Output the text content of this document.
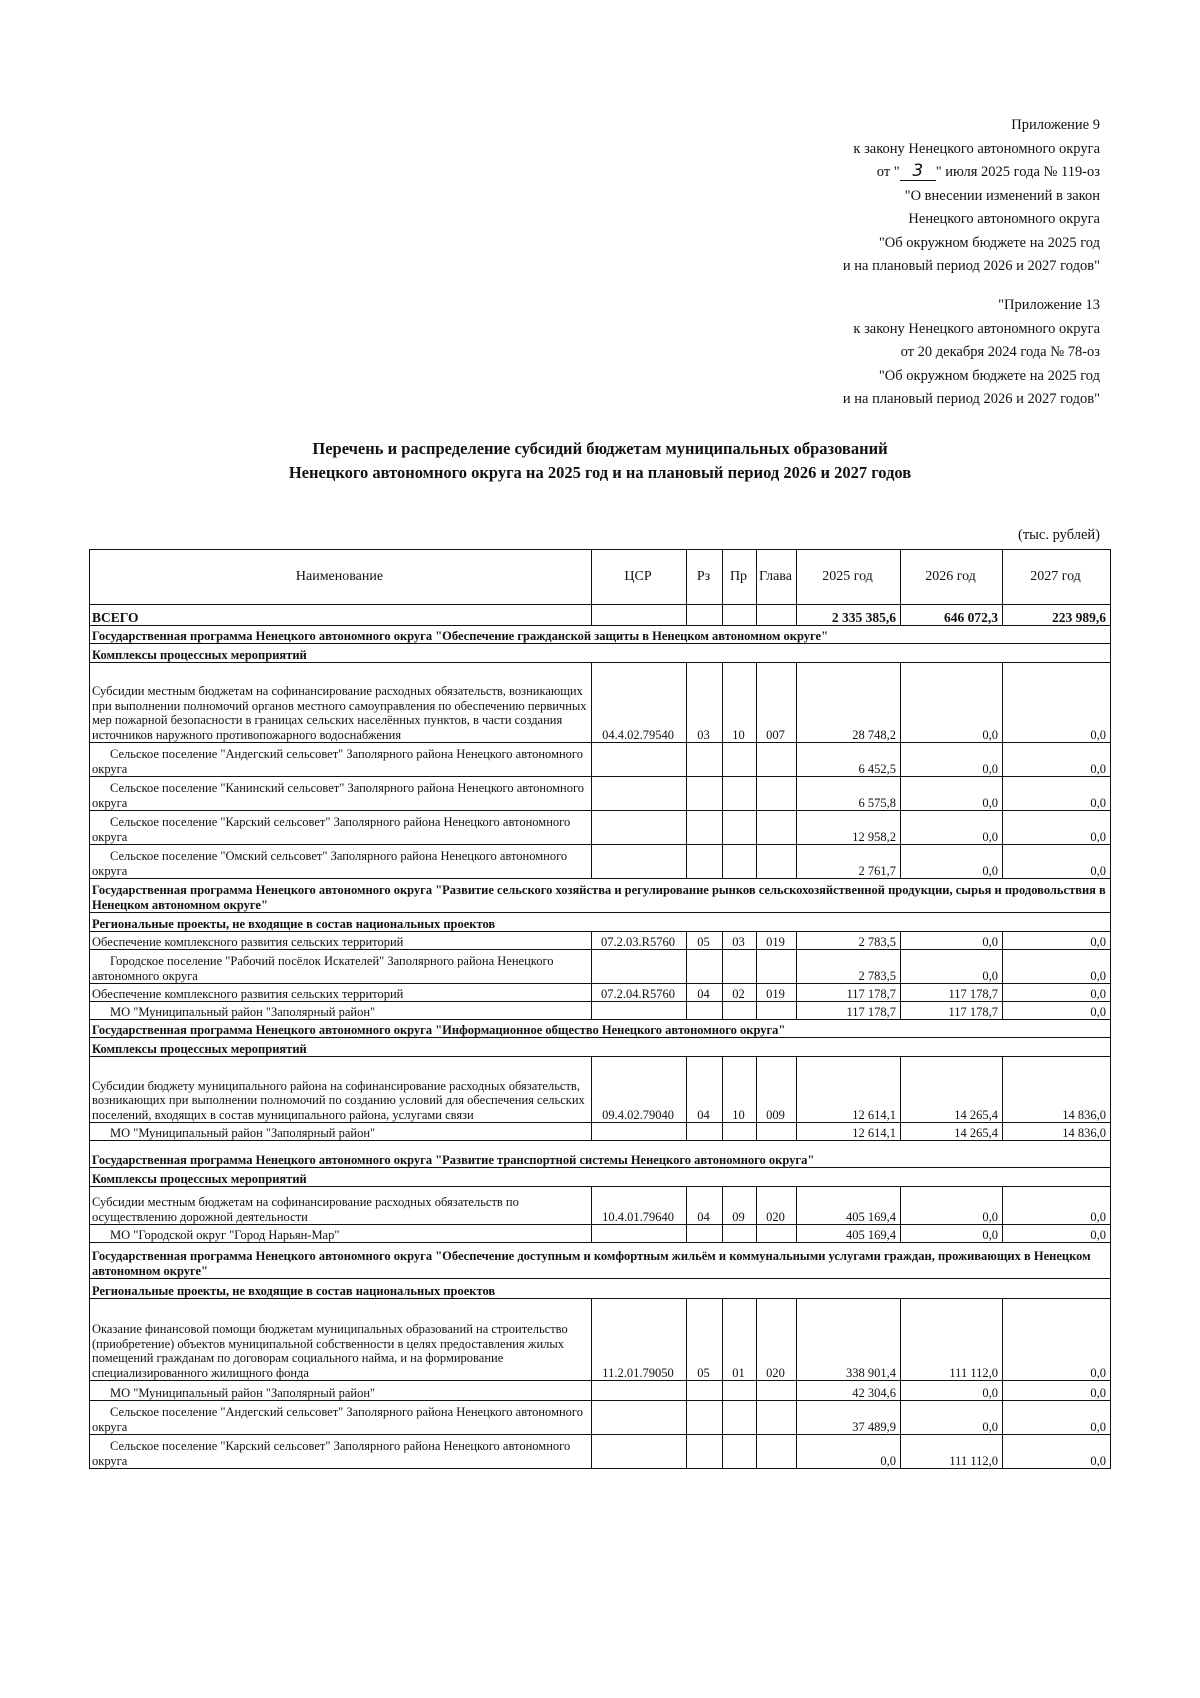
Приложение 9
к закону Ненецкого автономного округа
от " 3 " июля 2025 года № 119-оз
"О внесении изменений в закон
Ненецкого автономного округа
"Об окружном бюджете на 2025 год
и на плановый период 2026 и 2027 годов"
"Приложение 13
к закону Ненецкого автономного округа
от 20 декабря 2024 года № 78-оз
"Об окружном бюджете на 2025 год
и на плановый период 2026 и 2027 годов"
Перечень и распределение субсидий бюджетам муниципальных образований
Ненецкого автономного округа на 2025 год и на плановый период 2026 и 2027 годов
(тыс. рублей)
Наименование	ЦСР	Рз	Пр	Глава	2025 год	2026 год	2027 год
ВСЕГО					2 335 385,6	646 072,3	223 989,6
Государственная программа Ненецкого автономного округа "Обеспечение гражданской защиты в Ненецком автономном округе"							
Комплексы процессных мероприятий							
Субсидии местным бюджетам на софинансирование расходных обязательств, возникающих при выполнении полномочий органов местного самоуправления по обеспечению первичных мер пожарной безопасности в границах сельских населённых пунктов, в части создания источников наружного противопожарного водоснабжения	04.4.02.79540	03	10	007	28 748,2	0,0	0,0
Сельское поселение "Андегский сельсовет" Заполярного района Ненецкого автономного округа					6 452,5	0,0	0,0
Сельское поселение "Канинский сельсовет" Заполярного района Ненецкого автономного округа					6 575,8	0,0	0,0
Сельское поселение "Карский сельсовет" Заполярного района Ненецкого автономного округа					12 958,2	0,0	0,0
Сельское поселение "Омский сельсовет" Заполярного района Ненецкого автономного округа					2 761,7	0,0	0,0
Государственная программа Ненецкого автономного округа "Развитие сельского хозяйства и регулирование рынков сельскохозяйственной продукции, сырья и продовольствия в Ненецком автономном округе"							
Региональные проекты, не входящие в состав национальных проектов							
Обеспечение комплексного развития сельских территорий	07.2.03.R5760	05	03	019	2 783,5	0,0	0,0
Городское поселение "Рабочий посёлок Искателей" Заполярного района Ненецкого автономного округа					2 783,5	0,0	0,0
Обеспечение комплексного развития сельских территорий	07.2.04.R5760	04	02	019	117 178,7	117 178,7	0,0
МО "Муниципальный район "Заполярный район"					117 178,7	117 178,7	0,0
Государственная программа Ненецкого автономного округа "Информационное общество Ненецкого автономного округа"							
Комплексы процессных мероприятий							
Субсидии бюджету муниципального района на софинансирование расходных обязательств, возникающих при выполнении полномочий по созданию условий для обеспечения сельских поселений, входящих в состав муниципального района, услугами связи	09.4.02.79040	04	10	009	12 614,1	14 265,4	14 836,0
МО "Муниципальный район "Заполярный район"					12 614,1	14 265,4	14 836,0
Государственная программа Ненецкого автономного округа "Развитие транспортной системы Ненецкого автономного округа"							
Комплексы процессных мероприятий							
Субсидии местным бюджетам на софинансирование расходных обязательств по осуществлению дорожной деятельности	10.4.01.79640	04	09	020	405 169,4	0,0	0,0
МО "Городской округ "Город Нарьян-Мар"					405 169,4	0,0	0,0
Государственная программа Ненецкого автономного округа "Обеспечение доступным и комфортным жильём и коммунальными услугами граждан, проживающих в Ненецком автономном округе"							
Региональные проекты, не входящие в состав национальных проектов							
Оказание финансовой помощи бюджетам муниципальных образований на строительство (приобретение) объектов муниципальной собственности в целях предоставления жилых помещений гражданам по договорам социального найма, и на формирование специализированного жилищного фонда	11.2.01.79050	05	01	020	338 901,4	111 112,0	0,0
МО "Муниципальный район "Заполярный район"					42 304,6	0,0	0,0
Сельское поселение "Андегский сельсовет" Заполярного района Ненецкого автономного округа					37 489,9	0,0	0,0
Сельское поселение "Карский сельсовет" Заполярного района Ненецкого автономного округа					0,0	111 112,0	0,0
